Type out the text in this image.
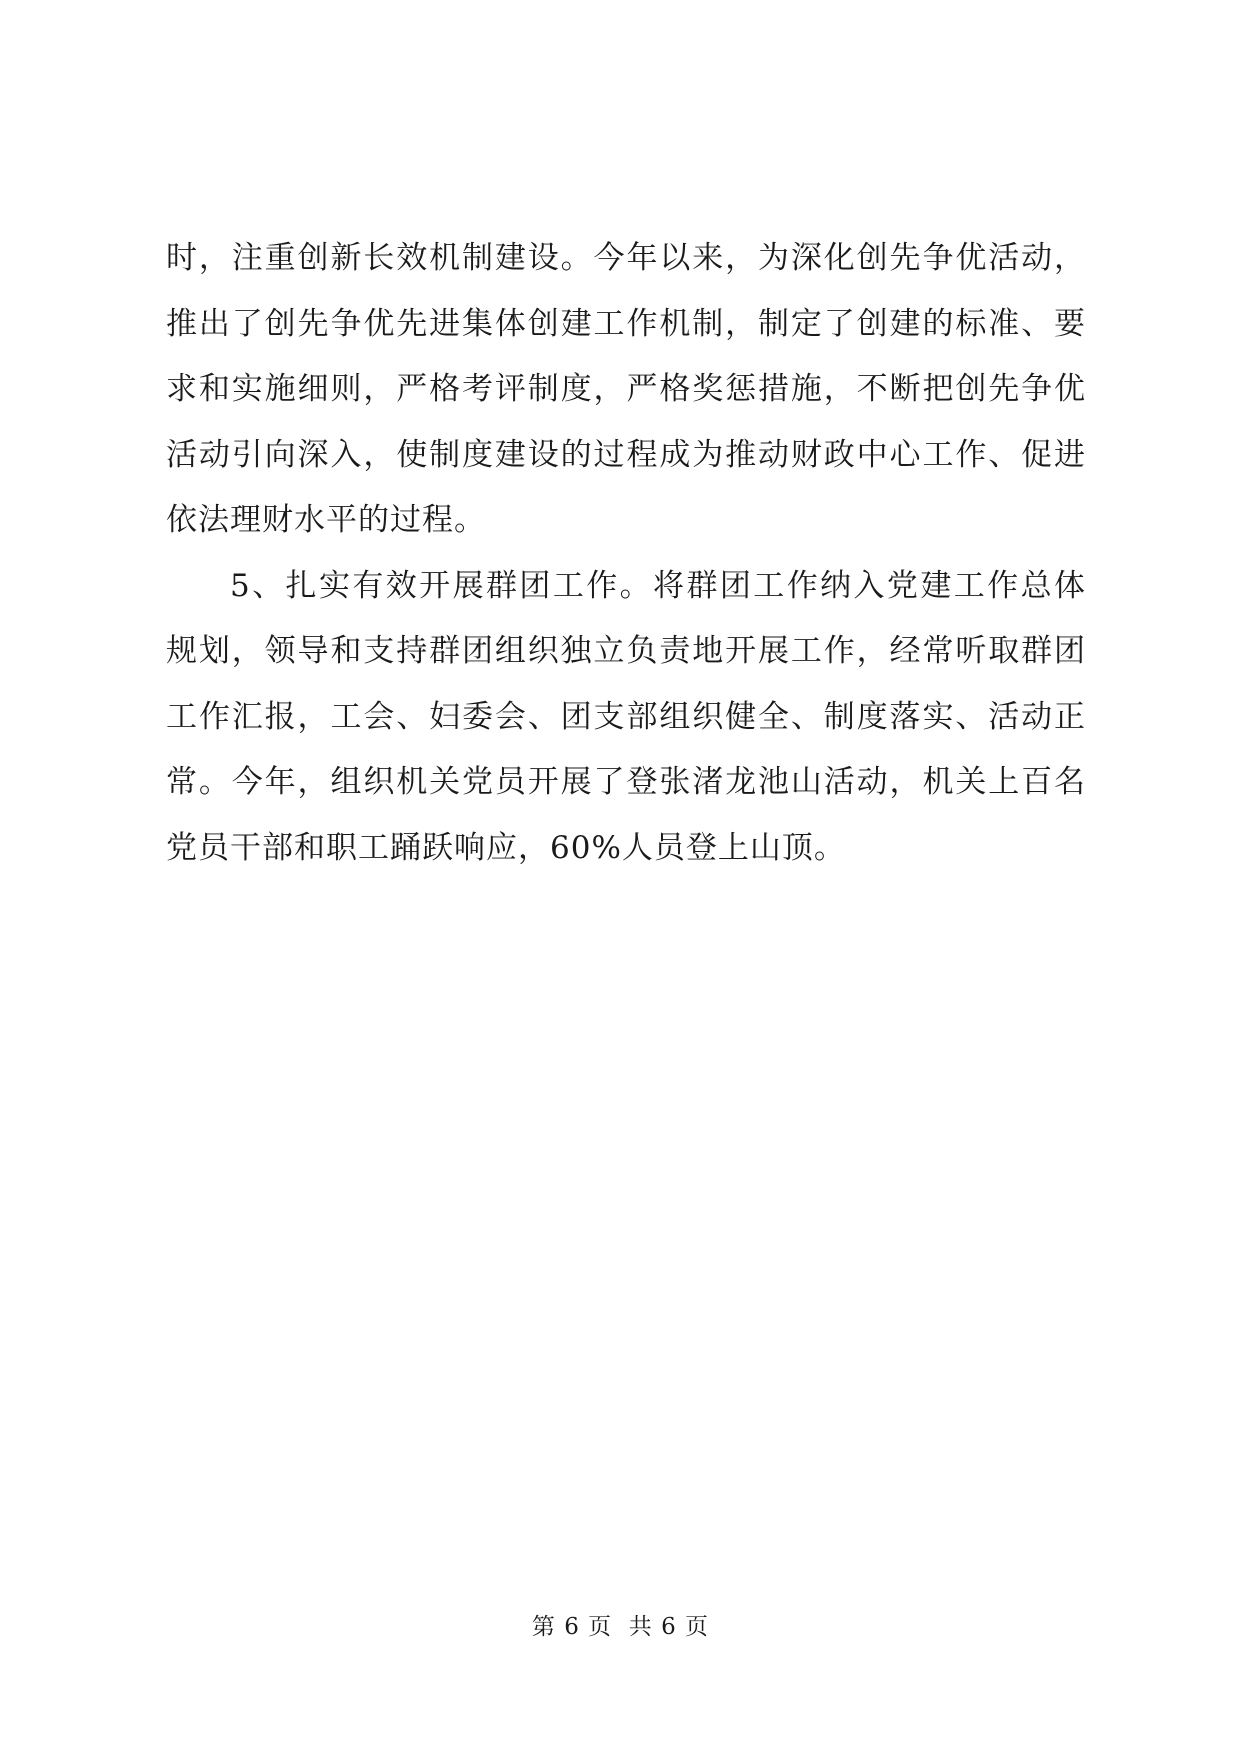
时，注重创新长效机制建设。今年以来，为深化创先争优活动，
推出了创先争优先进集体创建工作机制，制定了创建的标准、要
求和实施细则，严格考评制度，严格奖惩措施，不断把创先争优
活动引向深入，使制度建设的过程成为推动财政中心工作、促进
依法理财水平的过程。
5、扎实有效开展群团工作。将群团工作纳入党建工作总体
规划，领导和支持群团组织独立负责地开展工作，经常听取群团
工作汇报，工会、妇委会、团支部组织健全、制度落实、活动正
常。今年，组织机关党员开展了登张渚龙池山活动，机关上百名
党员干部和职工踊跃响应，60%人员登上山顶。
第 6 页  共 6 页
